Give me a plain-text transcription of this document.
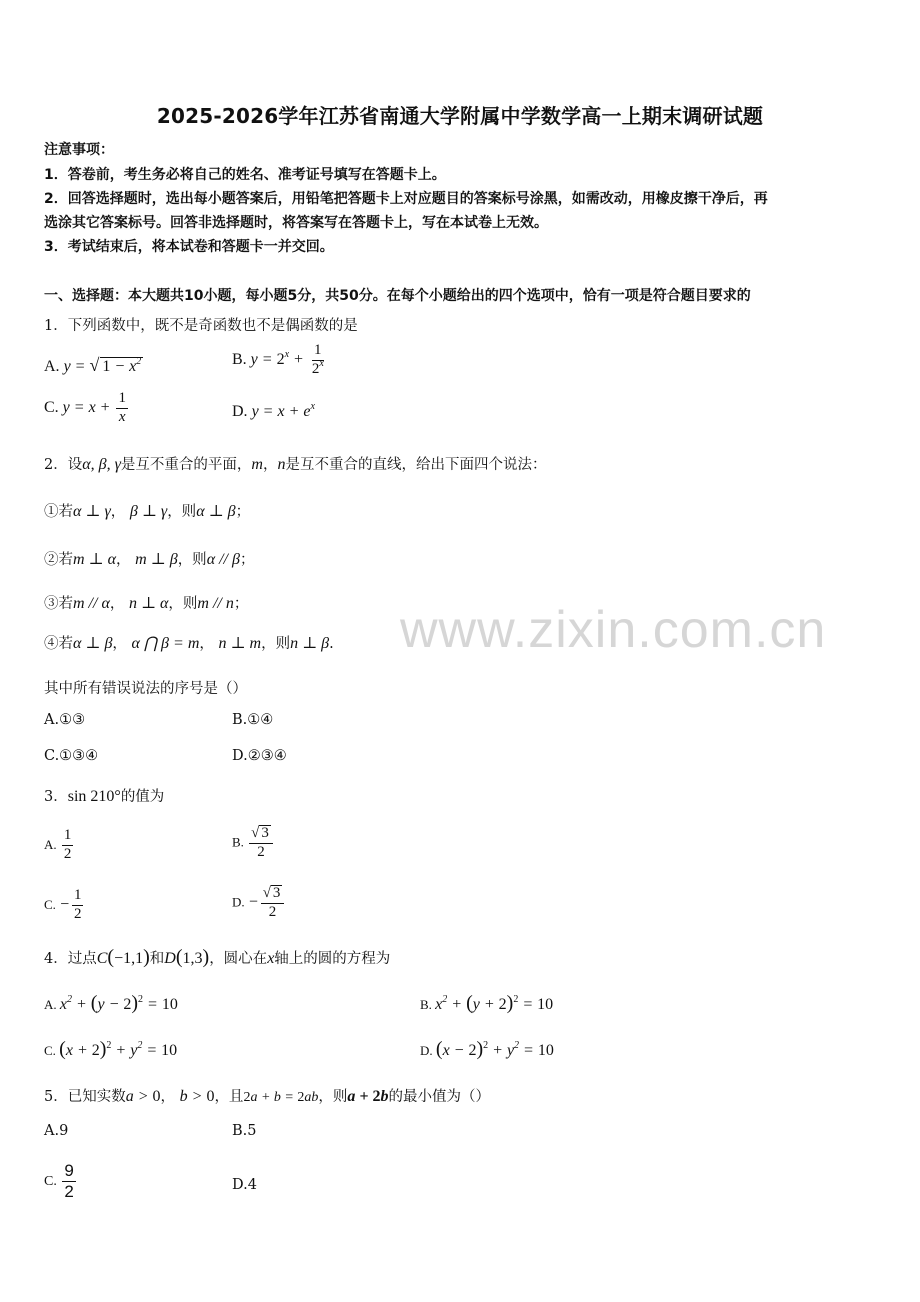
2025-2026学年江苏省南通大学附属中学数学高一上期末调研试题
注意事项：
1．答卷前，考生务必将自己的姓名、准考证号填写在答题卡上。
2．回答选择题时，选出每小题答案后，用铅笔把答题卡上对应题目的答案标号涂黑，如需改动，用橡皮擦干净后，再
选涂其它答案标号。回答非选择题时，将答案写在答题卡上，写在本试卷上无效。
3．考试结束后，将本试卷和答题卡一并交回。
一、选择题：本大题共10小题，每小题5分，共50分。在每个小题给出的四个选项中，恰有一项是符合题目要求的
1．下列函数中，既不是奇函数也不是偶函数的是
A. y = √ $1 - x^2$	B. $y = 2^x + \frac{1}{2^x}$
C. $y = x + \frac{1}{x}$	D. $y = x + e^x$
2．设α, β, γ是互不重合的平面，m，n是互不重合的直线，给出下面四个说法：
①若α ⊥ γ， β ⊥ γ，则α ⊥ β；
②若m ⊥ α， m ⊥ β，则α // β；
③若m // α， n ⊥ α，则m // n；
④若α ⊥ β， α ⋂ β = m， n ⊥ m，则n ⊥ β.
其中所有错误说法的序号是（）
A.①③	B.①④
C.①③④	D.②③④
3．sin 210°的值为
A. $\frac{1}{2}$	B. $\frac{√ 3}{2}$
C. − $\frac{1}{2}$	D. − $\frac{√ 3}{2}$
4．过点C(−1,1)和D(1,3)，圆心在x轴上的圆的方程为
A. $x^2 + (y - 2)^2 = 10$	B. $x^2 + (y + 2)^2 = 10$
C. $(x + 2)^2 + y^2 = 10$	D. $(x - 2)^2 + y^2 = 10$
5．已知实数a > 0， b > 0，且2a + b = 2ab，则a + 2b的最小值为（）
A.9	B.5
C. $\frac{9}{2}$	D.4
www.zixin.com.cn
